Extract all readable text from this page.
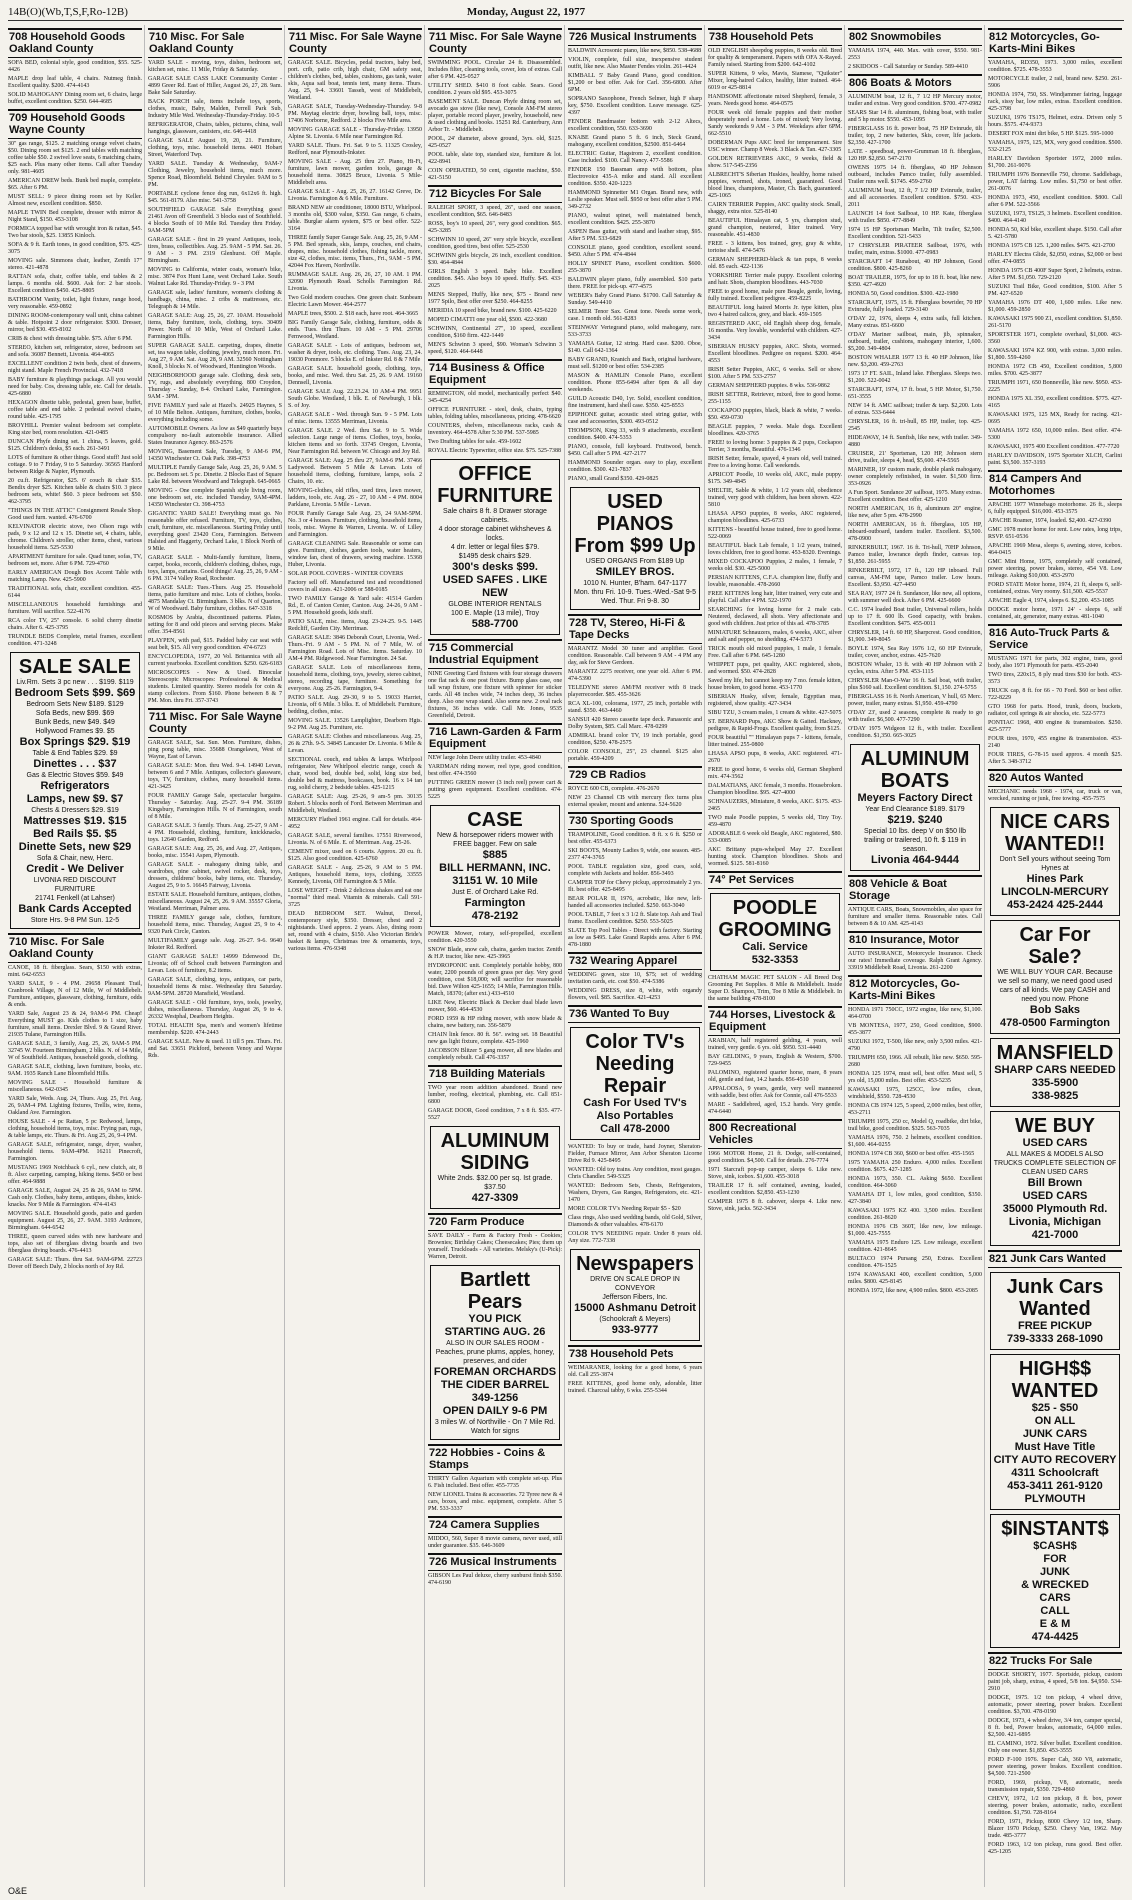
14B(O)(Wb,T,S,F,Ro-12B)	Monday, August 22, 1977
708 Household Goods Oakland County

SOFA BED, colonial style, good condition, $55. 525-4426

MAPLE drop leaf table, 4 chairs. Nutmeg finish. Excellent quality. $200. 474-4143

SOLID MAHOGANY Dining room set, 6 chairs, large buffet, excellent condition. $250. 644-4685

709 Household Goods Wayne County

30" gas range, $125. 2 matching orange velvet chairs, $50. Dining room set $125. 2 end tables with matching coffee table $50. 2 swivel love seats, 6 matching chairs, $25 each. Plus many other items. Call after Tuesday only. 981-4605

AMERICAN DREW beds. Bunk bed maple, complete. $65. After 6 PM.

MUST SELL: 9 piece dining room set by Keller. Almost new, excellent condition. $850.

MAPLE TWIN Bed complete, dresser with mirror & Night Stand, $150. 453-3108

FORMICA topped bar with wrought iron & rattan, $45. Two bar stools, $25. 13855 Kinloch.

SOFA & 9 ft. Earth tones, in good condition, $75. 425-3075

MOVING sale. Simmons chair, leather, Zenith 17" stereo. 421-4878

RATTAN sofa, chair, coffee table, end tables & 2 lamps. 6 months old. $600. Ask for: 2 bar stools. Excellent condition $450. 425-8805

BATHROOM Vanity, toilet, light fixture, range hood, very reasonable. 459-0892

DINING ROOM-contemporary wall unit, china cabinet & table. Hotpoint 2 door refrigerator. $300. Dresser, mirror, bed $30. 455-8102

CRIB & chest with dressing table. $75. After 6 PM.

STEREO, kitchen set, refrigerator, stove, bedroom set and sofa. 36087 Bennett, Livonia. 464-4065

EXCELLENT condition 2 twin beds, chest of drawers, night stand. Maple French Provincial. 432-7418

BABY furniture & playthings package. All you would need for baby. Cos, dressing table, etc. Call for details. 425-6880

HEXAGON dinette table, pedestal, green base, buffet, coffee table and end table. 2 pedestal swivel chairs, round table. 425-1795

BROYHILL Premier walnut bedroom set complete. King size bed, room resolution. 421-0485

DUNCAN Phyfe dining set. 1 china, 5 leaves, gold. $125. Children's desks, $5 each. 261-3491

LOTS of furniture & other things. Good stuff! Just sold cottage. 9 to 7 Friday, 9 to 5 Saturday. 36565 Hanford between Ridge & Napier, Plymouth.

20 cu.ft. Refrigerator, $25. 6' couch & chair $35. Bendix dryer $25. Kitchen table & chairs $10. 3 piece bedroom sets, white! $60. 3 piece bedroom set $50. 462-3795

"THINGS IN THE ATTIC" Consignment Resale Shop. Good used furn. wanted. 476-6700

KELVINATOR electric stove, two Olson rugs with pads, 9 x 12 and 12 x 15. Dinette set, 4 chairs, table, chrome. Children's stroller, other items, chest, various household items. 525-5530

APARTMENT furniture for sale. Quad tuner, sofas, TV, bedroom set, more. After 6 PM. 729-4760

EARLY AMERICAN Dough Box Accent Table with matching Lamp. New. 425-5900

TRADITIONAL sofa, chair, excellent condition. 455-6144

MISCELLANEOUS household furnishings and furniture. Will sacrifice. 522-4176

RCA color TV, 25" console. 6 solid cherry dinette chairs. After 6. 425-3795

TRUNDLE BEDS Complete, metal frames, excellent condition. 471-3248

SALE SALE
Liv.Rm. Sets 3 pc new . . . $199. $119
Bedroom Sets $99. $69
Bedroom Sets New $189. $129
Sofa Beds, new $99. $69
Bunk Beds, new $49. $49
Hollywood Frames $9. $5
Box Springs $29. $19
Table & End Tables $29. $9
Dinettes . . . $37
Gas & Electric Stoves $59. $49
Refrigerators
Lamps, new $9. $7
Chests & Dressers $29. $19
Mattresses $19. $15
Bed Rails $5. $5
Dinette Sets, new $29
Sofa & Chair, new, Herc.
Credit - We Deliver
LIVONIA RED DISCOUNT FURNITURE
21741 Fenkell (at Lahser)
Bank Cards Accepted
Store Hrs. 9-8 PM Sun. 12-5
710 Misc. For Sale Oakland County

CANOE, 18 ft. fiberglass. Sears, $150 with extras, mint. 642-6553

YARD SALE, 9 - 4 PM. 29658 Pleasant Trail, Cranbrook Village, N of 12 Mile, W of Middlebelt. Furniture, antiques, glassware, clothing, furniture, odds & ends.

YARD Sale, August 23 & 24, 9AM-6 PM. Cheap! Everything MUST go. Kids clothes to 1 size, baby furniture, small items. Drexler Blvd. 9 & Grand River. 21935 Tulane, Farmington Hills.

GARAGE SALE, 3 family, Aug. 25, 26, 9AM-5 PM. 32745 W. Fourteen Birmingham, 2 blks. N. of 14 Mile, W of Southfield. Antiques, household goods, clothing.

GARAGE SALE, clothing, lawn furniture, books, etc. 9AM. 1935 Ranch Lane Bloomfield Hills.

MOVING SALE - Household furniture & miscellaneous. 642-0345

YARD Sale, Weds. Aug. 24, Thurs. Aug. 25, Fri. Aug. 26, 9AM-4 PM. Lighting fixtures, Trellis, wire, items, Oakland Ave. Farmington.

HOUSE SALE - 4 pc Rattan, 5 pc Redwood, lamps, clothing, household items, toys, misc. Frying pan, rugs, & table lamps, etc. Thurs. & Fri. Aug 25, 26, 9-4 PM.

GARAGE SALE, refrigerator, range, dryer, washer, household items. 9AM-4PM. 16211 Pinecroft, Farmington.

MUSTANG 1969 Notchback 6 cyl., new clutch, air, 8 ft. Also: carpeting, camping, hiking items. $450 or best offer. 464-9888

GARAGE SALE, August 24, 25 & 26, 9AM to 5PM. Cash only. Clothes, baby items, antiques, dishes, knick-knacks. Nor 9 Mile & Farmington. 474-4143

MOVING SALE. Household goods, patio and garden equipment. August 25, 26, 27. 9AM. 3193 Ardmore, Birmingham. 644-6542

THREE, queen curved sides with new hardware and tops, also set of fiberglass diving boards and two fiberglass diving boards. 476-4413

GARAGE SALE: Thurs. thru Sat. 9AM-6PM. 22723 Dover off Beech Daly, 2 blocks north of Joy Rd.

710 Misc. For Sale Oakland County

YARD SALE - moving, toys, dishes, bedroom set, kitchen set, misc. 11 Mile, Friday & Saturday.

GARAGE SALE CASS LAKE Community Center - 4899 Greer Rd. East of Hiller, August 26, 27, 28. 9am. Bake Sale Saturday.

BACK PORCH sale, items include toys, sports, clothes, music, Baby, Malden, Ferrell Park Sub, Industry Mile Wed. Wednesday-Thursday-Friday. 10-5

REFRIGERATOR, Chairs, tables, pictures, china, wall hangings, glassware, canisters, etc. 646-4418

GARAGE SALE August 19, 20, 21. Furniture, clothing, toys, misc. household items. 4401 Hobart Street, Waterford Twp.

YARD SALE. Tuesday & Wednesday, 9AM-? Clothing, Jewelry, household items, much more. Spence Road, Bloomfield. Behind Chrysler. 9AM to 5 PM.

PORTABLE cyclone fence dog run, 6x12x6 ft. high. $45. 561-8179. Also misc. 541-3758

SOUTHFIELD GARAGE Sale Everything goes! 21461 Avon off Greenfield. 3 blocks east of Southfield. 4 blocks South of 10 Mile Rd. Tuesday thru Friday. 9AM-5PM

GARAGE SALE - first in 29 years! Antiques, tools, tires, brass, collectibles. Aug. 25. 9AM - 5 PM. Sat. 26. 9 AM - 3 PM. 2319 Glenhurst. Off Maple. Birmingham.

MOVING to California, winter coats, woman's bike, misc. 3874 Fox Hunt Lane, west Orchard Lake. South Walnut Lake Rd. Thursday-Friday. 9 - 3 PM

GARAGE sale, ladies' furniture, women's clothing & handbags, china, misc. 2 cribs & mattresses, etc. Telegraph & 14 Mile.

GARAGE SALE: Aug. 25, 26, 27. 10AM. Household items, Baby furniture, tools, clothing, toys. 30409 Power. North of 10 Mile, West of Orchard Lake. Farmington Hills.

SUPER GARAGE SALE. carpeting, drapes, dinette set, tea wagon table, clothing, jewelry, much more. Fri. Aug 27, 9 AM. Sat. Aug 28, 9 AM. 32560 Nottingham Knoll, 3 blocks N. of Woodward, Huntington Woods.

NEIGHBORHOOD garage sale. Clothing, desk sets, TV, rugs, and absolutely everything. 800 Croydon, Thursday - Sunday, 8-4. Orchard Lake, Farmington. 9AM - 3PM.

FIVE FAMILY yard sale at Hazel's. 24925 Haynes, S of 10 Mile Belton. Antiques, furniture, clothes, books, everything including some.

AUTOMOBILE Owners. As low as $49 quarterly buys compulsory no-fault automobile insurance. Allied States Insurance Agency. 863-2576

MOVING, Basement Sale, Tuesday, 9 AM-6 PM, 14350 Winchester Ct. Oak Park. 398-4753

MULTIPLE Family Garage Sale, Aug. 25, 26, 9 AM. 5 pc. Bedroom set. 5 pc. Dinette. 2 Blocks East of Square Lake Rd. between Woodward and Telegraph. 645-0665

MOVING - One complete Spanish style living room, one bedroom set, etc. included Tuesday, 9AM-4PM. 14350 Winchester Ct. 398-4753

GIGANTIC YARD SALE! Everything must go. No reasonable offer refused. Furniture, TV, toys, clothes, craft, furniture, etc. miscellaneous. Starting Friday until everything goes! 23420 Cora, Farmington. Between Halsted and Haggerty, Orchard Lake, 1 Block North of 9 Mile.

GARAGE SALE - Multi-family furniture, linens, carpet, books, records, children's clothing, dishes, rugs, toys, lamps, curtains. Good things! Aug. 25, 26, 9 AM - 6 PM. 3174 Valley Road, Rochester.

GARAGE SALE: Tues.-Thurs. Aug 25. Household items, patio furniture and misc. Lots of clothes, books. 4875 Mandalay Ct. Birmingham. 3 blks. N of Quarton, W of Woodward. Baby furniture, clothes. 647-3318

KOSMOS by Arabia, discontinued patterns. Plates, setting for 8 and odd pieces and serving pieces. Make offer. 354-8561

PLAYPEN, with pad, $15. Padded baby car seat with seat belt, $15. All very good condition. 474-6723

ENCYCLOPEDIA, 1977, 20 Vol. Britannica with all current yearbooks. Excellent condition. $250. 626-6183

MICROSCOPES - New & Used. Binocular Stereoscopic Microscopes: Professional & Medical students. Limited quantity. Stereo models for coin & stamp collectors. From $160. Phone between 8 & 7 PM. Mon. thru Fri. 357-3743

711 Misc. For Sale Wayne County

GARAGE SALE, Sat. Sun. Mon. Furniture, dishes, ping pong table, misc. 35688 Orangelawn, West of Wayne, East of Levan.

GARAGE SALE: Mon. thru Wed. 9-4. 14940 Levan, between 6 and 7 Mile. Antiques, collector's glassware, toys, TV, furniture, clothes, many household items. 421-3425

FOUR FAMILY Garage Sale, spectacular bargains. Thursday - Saturday. Aug. 25-27. 9-4 PM. 36189 Kingsbury, Farmington Hills. N of Farmington, south of 8 Mile.

GARAGE SALE. 3 family. Thurs. Aug. 25-27, 9 AM - 4 PM. Household, clothing, furniture, knickknacks, toys. 12640 Garden, Redford.

GARAGE SALE: Aug. 25, 26, and Aug. 27, Antiques, books, misc. 15541 Aspen, Plymouth.

GARAGE SALE - mahogany dining table, and wardrobes, pine cabinet, swivel rocker, desk, toys, dressers, childrens' books, baby items, etc. Thursday, August 25, 9 to 5. 16645 Fairway, Livonia.

ESTATE SALE. Household furniture, antiques, clothes, miscellaneous. August 24, 25, 26. 9 AM. 35557 Gloria, Westland. Merriman, Palmer area.

THREE FAMILY garage sale, clothes, furniture, household items, misc. Thursday, August 25, 9 to 4. 9320 Park Circle, Canton.

MULTIFAMILY garage sale. Aug. 26-27. 9-6. 9640 Inkster Rd. Redford.

GIANT GARAGE SALE! 14999 Edenwood Dr., Livonia; off of School craft between Farmington and Levan. Lots of furniture, 8.2 items.

GARAGE SALE, clothing, toys, antiques, car parts, household items & misc. Wednesday thru Saturday. 9AM-5PM. 28720 Mansfield, Westland.

GARAGE SALE - Old furniture, toys, tools, jewelry, dishes, miscellaneous. Thursday, August 26, 9 to 4. 26332 Westphal, Dearborn Heights.

TOTAL HEALTH Spa, men's and women's lifetime membership. $220. 474-2443

GARAGE SALE. New & used. 11 till 5 pm. Thurs. Fri. and Sat. 33651 Pickford, between Venoy and Wayne Rds.

711 Misc. For Sale Wayne County

GARAGE SALE. Bicycles, pedal tractors, baby bed, port. crib, patio crib, high chair, GM safety seat, children's clothes, bed, tables, cushions, gas tank, water skis, Aqua sail boat, tennis tent, many items. Thurs. Aug. 25, 9-4. 33601 Tasseh, west of Middlebelt, Westland.

GARAGE SALE, Tuesday-Wednesday-Thursday. 9-8 PM. Maytag electric dryer, bowling ball, toys, misc. 17406 Norborne, Redford. 2 blocks Five Mile area.

MOVING GARAGE SALE - Thursday-Friday. 13950 Alpine St. Livonia. 6 Mile near Farmington Rd.

YARD SALE. Thurs. Fri. Sat. 9 to 5. 11325 Crosley, Redford, near Plymouth-Inkster.

MOVING SALE - Aug. 25 thru 27. Piano, Hi-Fi, furniture, lawn mower, garden tools, garage & household items. 30825 Bruce, Livonia. 5 Mile-Middlebelt area.

GARAGE SALE - Aug. 25, 26, 27. 16142 Greve, Dr. Livonia. Farmington & 6 Mile. Furniture.

BRAND NEW air conditioner, 18000 BTU, Whirlpool. 3 months old, $300 value, $350. Gas range, 6 chairs, table. Burglar alarm system, $75 or best offer. 522-3164

THREE family Super Garage Sale. Aug. 25, 26, 9 AM - 5 PM. Bed spreads, skis, lamps, couches, end chairs, drapes, misc. household clothes, fishing tackle, more, size 42, clothes, misc. items, Thurs., Fri., 9AM - 5 PM. 42044 Fox Haven, Northville.

RUMMAGE SALE. Aug. 26, 26, 27, 10 AM. 1 PM. 32090 Plymouth Road. Scholls Farmington Rd. Livonia.

Two Gold modern couches. One green chair. Sunbeam Electric Lawn Mower. 464-2577

MAPLE trees, $500. 2. $18 each, have root. 464-3665

BIG Family Garage Sale, clothing, furniture, odds & ends. Tues. thru Thurs. 10 AM - 5 PM. 29706 Fernwood, Westland.

GARAGE SALE - Lots of antiques, bedroom set, washer & dryer, tools, etc. clothing. Tues. Aug. 23, 24. 19030 Pommore. 5 blocks E. of Inkster Rd. 8 & 7 Mile

GARAGE SALE. household goods, clothing, toys, books, and misc. Wed. thru Sat. 25, 26. 9 AM. 19160 Dennsell, Livonia.

GARAGE SALE Aug. 22.23.24. 10 AM-4 PM. 9951 South Globe. Westland, 1 blk. E. of Newburgh, 1 blk. S. of Joy.

GARAGE SALE - Wed. through Sun. 9 - 5 PM. Lots of misc. items. 13555 Merriman, Livonia.

GARAGE SALE. 2 Wed. thru Sat. 9 to 5. Wide selection. Large range of items. Clothes, toys, books, kitchen items and so forth. 33745 Oregon, Livonia, Near Farmington Rd. between W. Chicago and Joy Rd.

GARAGE SALE: Aug. 25 thru 27, 9AM-6 PM. 37466 Ladywood. Between 5 Mile & Levan. Lots of household items, clothing, furniture, lamps, sofa. 2 Chairs, 10. etc.

MOVING-clothes, old rifles, used tires, lawn mower, ladders, tools, etc. Aug. 26 - 27, 10 AM - 4 PM. 8004 Parklane, Livonia. 5 Mile - Levan.

FOUR Family Garage Sale Aug. 23, 24 9AM-5PM. No. 3 or 4 houses. Furniture, clothing, household items, tools, misc. Wayne & Warren, Livonia. W. of Lilley and Farmington.

GARAGE CLEANING Sale. Reasonable or some can give. Furniture, clothes, garden tools, water heaters, window fan, chest of drawers, sewing machine. 15368 Huber, Livonia.

SOLAR POOL COVERS - WINTER COVERS

Factory sell off. Manufactured test and reconditioned covers in all sizes. 421-2006 or 588-0185

TWO FAMILY Garage & Yard sale: 41514 Garden Rd., E. of Canton Center, Canton. Aug. 24-26, 9 AM - 5 PM. Household goods, kids stuff.

PATIO SALE, misc. items, Aug. 23-24-25. 9-5. 1445 Redcliff, Garden City. Merriman.

GARAGE SALE: 3846 Deborah Court, Livonia, Wed.-Thurs.-Fri. 9 AM - 5 PM. N. of 7 Mile, W. of Farmington Road. Lots of Misc. items. Saturday. 10 AM-4 PM. Ridgewood. Near Farmington. 24 Sat.

GARAGE SALE. Lots of miscellaneous items, household items, clothing, toys, jewelry, stereo cabinet, stereo, recording tape, furniture. Something for everyone. Aug. 25-26. Farmington, 9-4.

PATIO SALE. Aug. 29-30, 9 to 5. 19033 Harriet, Livonia, off 6 Mile. 3 blks. E. of Middlebelt. Furniture, bedding, clothes, misc.

MOVING SALE. 13526 Lamplighter, Dearborn Hgts. 9-2 PM. Aug 25. Furniture, etc.

GARAGE SALE: Clothes and miscellaneous. Aug. 25, 26 & 27th. 9-5. 34845 Lancaster Dr. Livonia. 6 Mile & Levan.

SECTIONAL couch, end tables & lamps. Whirlpool refrigerator, New Whirlpool electric range, couch & chair, wood bed, double bed, solid, king size bed, double bed & mattress, bookcases, book. 16 x 14 tan rug, solid cherry, 2 bedside tables. 425-1215

GARAGE SALE: Aug. 25-26, 9 am-5 pm. 30135 Robert. 5 blocks north of Ford. Between Merriman and Middlebelt, Westland.

MERCURY Flatbed 1961 engine. Call for details. 464-4952

GARAGE SALE, several families. 17551 Riverwood, Livonia. N. of 6 Mile. E. of Merriman. Aug. 25-26.

CEMENT mixer, used on 6 courts. Approx. 20 cu. ft. $125. Also good condition. 425-6760

GARAGE SALE - Aug. 25-26, 9 AM to 5 PM. Antiques, household items, toys, clothing, 33555 Kennedy, Livonia, Off Farmington & 5 Mile.

LOSE WEIGHT - Drink 2 delicious shakes and eat one "normal" third meal. Vitamin & minerals. Call 591-3725

DEAD BEDROOM SET. Walnut, Drexel, contemporary style, $350. Dresser, chest and 2 nightstands. Used approx. 2 years. Also, dining room set, round with 4 chairs, $150. Also Victorian Bride's basket & lamps, Christmas tree & ornaments, toys, various items. 476-9348

711 Misc. For Sale Wayne County

SWIMMING POOL. Circular 24 ft. Disassembled. Includes filter, cleaning tools, cover, lots of extras. Call after 6 PM. 425-0527

UTILITY SHED. $410 8 foot cable. Sears. Good condition. 2 years old $95. 453-3075

BASEMENT SALE. Duncan Phyfe dining room set, avocado gas stove (like new), Console AM-FM stereo player, portable record player, jewelry, household, new & used clothing and books. 15251 Rd. Canterbury, Ann Arbor Tr. - Middlebelt.

POOL, 24' diameter, above ground, 3yrs. old, $125. 425-0527

POOL table, slate top, standard size, furniture & lot. 422-8941

COIN OPERATED, 50 cent, cigarette machine, $50. 421-5150

712 Bicycles For Sale

RALEIGH SPORT, 3 speed, 26", used one season, excellent condition, $65. 646-8483

ROSS, boy's 10 speed, 26", very good condition. $65. 425-3285

SCHWINN 10 speed, 26" very style bicycle, excellent condition, good tires, best offer. 525-2530

SCHWINN girls bicycle, 26 inch, excellent condition. $30. 464-4844

GIRLS English 3 speed. Baby bike. Excellent condition. $45. Also boys 10 speed. Huffy. $45. 433-2025

MENS Stepped, Huffy, like new, $75 - Brand new 1977 Spilo, Best offer over $250. 464-8255

MERIDIA 10 speed bike, brand new. $100. 425-6220

MOPED CIMATTI one year old, $500. 422-3680

SCHWINN, Continental 27", 10 speed, excellent condition, $160 firm. 422-1449

MEN'S Schwinn 3 speed, $90. Woman's Schwinn 3 speed, $120. 464-6448

714 Business & Office Equipment

REMINGTON, old model, mechanically perfect $40. 345-4254

OFFICE FURNITURE - steel, desk, chairs, typing tables, folding tables, miscellaneous, pricing. 478-6620

COUNTERS, shelves, miscellaneous racks, cash & inventory. 464-4578 After 5:30 PM. 537-5985

Two Drafting tables for sale. 459-1602

ROYAL Electric Typewriter, office size. $75. 525-7388

OFFICE FURNITURE
Sale chairs 8 ft. 8 Drawer storage cabinets.
4 door storage cabinet wkhsheves & locks.
4 drr. letter or legal files $79.
$1495 desk chairs $29.
300's desks $99.
USED SAFES . LIKE NEW
GLOBE INTERIOR RENTALS
100 E. Maple (13 mile), Troy
588-7700
715 Commercial Industrial Equipment

NINE Greeting Card fixtures with four storage drawers one flat rack & one post fixture. Bump glass case, one tall wrap fixture, one fixture with spinner for sticker cards. All 48 inches wide, 74 inches deep, 36 inches deep. Also one wrap stand. Also some new. 2 oval rack fixtures, 36 inches wide. Call Mr. Jones, 9535 Greenfield, Detroit.

716 Lawn-Garden & Farm Equipment

NEW large John Deere utility trailer. 453-4840

YARDMAN riding mower, reel type, good condition, best offer. 474-3560

PUTTING GREEN mower (3 inch reel) power cart & putting green equipment. Excellent condition. 474-5225

CASE
New & horsepower riders mower with FREE bagger. Few on sale
$885
BILL HERMANN, INC.
31151 W. 10 Mile
Just E. of Orchard Lake Rd.
Farmington
478-2192

POWER Mower, rotary, self-propelled, excellent condition. 420-3550

SNOW Blade, snow cab, chains, garden tractor. Zenith & H.P. tractor, like new. 425-3965

HYDROPONIC unit. Completely portable hobby, 800 water, 2200 pounds of green grass per day. Very good condition, cost $18,000; will sacrifice for reasonable bid. Dave Wilton 425-1655; 14 Mile, Farmington Hills. Match, 18370; (after ext.) 433-4510

LIKE New, Electric Black & Decker dual blade lawn mower, $60. 464-4530

FORD 1959 & HP riding mower, with snow blade & chains, new battery, ran. 356-5879

CHAIN link fence. 80 ft. 56". swing set. 18 Beautiful new gas light fixture, complete. 425-1960

JACOBSON Blitzer 5 gang mower, all new blades and completely rebuilt. Call 476-3357

718 Building Materials

TWO year room addition abandoned. Brand new lumber, roofing, electrical, plumbing, etc. Call 851-6800

GARAGE DOOR, Good condition, 7 x 8 ft. $35. 477-5527

ALUMINUM SIDING
White 2nds. $32.00 per sq. Ist grade. $37.50
427-3309
720 Farm Produce

SAVE DAILY - Farm & Factory Fresh - Cookies; Brownies; Birthday Cakes; Cheesecakes; Pies; them up yourself. Truckloads - All varieties. Melsky's (U-Pick): Warren, Detroit.

Bartlett Pears
YOU PICK
STARTING AUG. 26
ALSO IN OUR SALES ROOM - Peaches, prune plums, apples, honey, preserves, and cider
FOREMAN ORCHARDS
THE CIDER BARREL
349-1256
OPEN DAILY 9-6 PM
3 miles W. of Northville - On 7 Mile Rd. Watch for signs
722 Hobbies - Coins & Stamps

THIRTY Gallon Aquarium with complete set-up. Plus 6. Fish included. Best offer. 455-7735

NEW LIONEL Trains & accessories. 72 Tyree new & 4 cars, boxes, and misc. equipment, complete. After 5 PM. 533-3337

724 Camera Supplies

MIDDO, 560, Super 8 movie camera, never used, still under guarantee. $35. 646-3609

726 Musical Instruments

GIBSON Les Paul deluxe, cherry sunburst finish $350. 474-6190

726 Musical Instruments

BALDWIN Acrosonic piano, like new, $850. 538-4688

VIOLIN, complete, full size, inexpensive student outfit, like new. Also Master Fendes violin. 261-4424

KIMBALL 5' Baby Grand Piano, good condition. $1,200 or best offer. Ask for Carl. 356-6800. After 6PM.

SOPRANO Saxophone, French Selmer, high F sharp key, $750. Excellent condition. Leave message. 625-4397

FENDER Bandmaster bottom with 2-12 Altecs, excellent condition, 550. 633-3690

KNABE Grand piano 5 ft. 6 inch, Steck Grand, mahogany, excellent condition, $2500. 851-6464

ELECTRIC Guitar, Hagstrom 2, excellent condition. Case included. $100. Call Nancy. 477-5586

FENDER 150 Bassman amp with bottom, plus Electrovoice 435-A mike and stand. All excellent condition. $350. 420-1223

HAMMOND Spinnetter M1 Organ. Brand new, with Leslie speaker. Must sell. $950 or best offer after 5 PM. 349-2732

PIANO, walnut spinet, well maintained bench, excellent condition. $425. 255-3870

ASPEN Bass guitar, with stand and leather strap, $95. After 5 PM. 533-6829

CONSOLE piano, good condition, excellent sound. $450. After 5 PM. 474-4844

HOLLY SPINET Piano, excellent condition. $600. 255-3870

BALDWIN player piano, fully assembled. $10 parts there. FREE for pick-up. 477-4575

WEBER's Baby Grand Piano. $1700. Call Saturday & Sunday. 549-4410

SELMER Tenor Sax. Great tone. Needs some work, case. 1 month old. 561-8283

STEINWAY Vertegrand piano, solid mahogany, rare. 533-3733

YAMAHA Guitar, 12 string. Hard case. $200. Oboe, $140. Call 642-1364

BABY GRAND, Kranich and Bach, original hardware, must sell. $1200 or best offer. 534-2385

MASON & HAMLIN Console Piano, excellent condition. Phone 855-6494 after 6pm & all day weekends.

GUILD Acoustic D40, 1yr. Solid, excellent condition, fine instrument, hard shell case. $350. 425-8553

EPIPHONE guitar, acoustic steel string guitar, with case and accessories, $300. 493-0512

THOMPSON, King 33, with 9 attachments, excellent condition. $400. 474-5353

PIANO, console, full keyboard. Fruitwood, bench. $450. Call after 5 PM. 427-2177

HAMMOND Sounder organ. easy to play, excellent condition. $300. 421-7837

PIANO, small Grand $350. 429-0825

USED PIANOS From $99 Up
USED ORGANS From $189 Up
SMILEY BROS.
1010 N. Hunter, B'ham. 647-1177
Mon. thru Fri. 10-9. Tues.-Wed.-Sat 9-5
Wed. Thur. Fri 9-8. 30
728 TV, Stereo, Hi-Fi & Tape Decks

MARANTZ Model 30 tuner and amplifier. Good condition. Reasonable. Call between 9 AM - 4 PM any day, ask for Steve Gerdeen.

MARANTZ 2275 receiver, one year old. After 6 PM. 474-5390

TELEDYNE stereo AM/FM receiver with 8 track playerrecorder. $85. 455-3626

RCA XL-100, colorama, 1977, 25 inch, portable with stand. $350. 463-4460

SANSUI 420 Stereo cassette tape deck. Panasonic and Dolby System, $85. Call Marc. 478-0299

ADMIRAL brand color TV, 19 inch portable, good condition, $250. 478-2575

COLOR CONSOLE, 25", 23 channel. $125 also portable. 459-4209

729 CB Radios

ROYCE 600 CB, complete. 476-2670

NEW 23 Channel CB with mercury flex turns plus external speaker, mount and antenna. 524-5620

730 Sporting Goods

TRAMPOLINE, Good condition. 8 ft. x 6 ft. $250 or best offer. 455-6373

SKI BOOTS, Mounty Ladies 9, wide, one season. 485-2377 474-3765

POOL TABLE regulation size, good cues, sold, complete with Jackets and holder. 856-3493

CAMPER TOP for Chevy pickup, approximately 2 yrs. Ilt. best offer. 425-8495

BEAR POLAR II, 1976, acrobatic, like new, left-handed all accessories included. $250. 663-3040

POOL TABLE, 7 feet x 3 1/2 ft. Slate top. Ash and Teal frame. Excellent condition. $250. 553-5025

SLATE Top Pool Tables - Direct with factory. Starting as low as $495. Lake Grand Rapids area. After 6 PM. 478-1880

732 Wearing Apparel

WEDDING gown, size 10, $75; set of wedding invitation cards, etc. cost $50. 474-5386

WEDDING DRESS, size 8, white, with organdy flowers, veil. $85. Sacrifice. 421-4253

736 Wanted To Buy
Color TV's Needing Repair
Cash For Used TV's
Also Portables
Call 478-2000

WANTED: To buy or trade, hand Joyner, Sheraton-Fielder, Furnace Mirror, Ann Arbor Sheraton Licorne Drive Rd 9. 425-8495

WANTED: Old toy trains. Any condition, most gauges. Chris Chandler. 549-5325

WANTED: Bedroom Sets, Chests, Refrigerators, Washers, Dryers, Gas Ranges, Refrigerators, etc. 421-1470

MORE COLOR TV's Needing Repair $5 - $20

Class rings, Also used wedding bands, old Gold, Silver, Diamonds & other valuables. 478-6170

COLOR TV'S NEEDING repair. Under 8 years old. Any size. 772-7338

Newspapers
DRIVE ON SCALE DROP IN CONVEYOR
Jefferson Fibers, Inc.
15000 Ashmanu Detroit
(Schoolcraft & Meyers)
933-9777
738 Household Pets

WEIMARANER, looking for a good home, 6 years old. Call 255-3874

FREE KITTENS, good home only, adorable, litter trained. Charcoal tabby, 6 wks. 255-5344

738 Household Pets

OLD ENGLISH sheepdog puppies, 8 weeks old. Bred for quality & temperament. Papers with OFA X-Rayed. Family raised. Starting from $200. 642-4102

SUPER Kittens, 9 wks, Mavis, Siamese, "Quikster" Mixer, long-haired Calico, healthy, litter trained. 464-6019 or 425-8814

HANDSOME affectionate mixed Shepherd, female, 3 years. Needs good home. 464-0575

FOUR week old female puppies and their mother desperately need a home. Lots of mixed; Very loving. Sandy weekends 9 AM - 3 PM. Weekdays after 6PM. 662-5510

DOBERMAN Pups AKC bred for temperament. Sire USC winner. Champ 8 Week. 3 Black & Tan. 427-3305

GOLDEN RETRIEVERS AKC, 9 weeks, field & show. 517-545-2356

ALBRECHT'S Siberian Huskies, healthy, home raised puppies, wormed, shots, ironed, guaranteed. Good blood lines, champions, Master, Ch. Bach, guaranteed. 425-1065

CAIRN TERRIER Puppies, AKC quality stock. Small, shaggy, extra nice. 525-8140

BEAUTIFUL Himalayan cat, 5 yrs, champion stud, grand champion, neutered, litter trained. Very reasonable. 451-4830

FREE - 3 kittens, box trained, grey, gray & white, tortoise shell. 474-5476

GERMAN SHEPHERD-black & tan pups, 8 weeks old. 85 each. 422-1136

YORKSHIRE Terrier male puppy. Excellent coloring and hair. Shots, champion bloodlines. 443-7030

FREE to good home, male pure Beagle, gentle, loving, fully trained. Excellent pedigree. 459-8225

BEAUTIFUL long haired Morris Jr. type kitten, plus two 4 haired calicos, grey, and black. 459-1505

REGISTERED AKC, old English sheep dog, female, 16 months. Very lovable, wonderful with children. 427-3434

SIBERIAN HUSKY puppies, AKC. Shots, wormed. Excellent bloodlines. Pedigree on request. $200. 464-4553

IRISH Setter Puppies, AKC, 6 weeks. Sell or show. $100. After 5 PM. 533-2757

GERMAN SHEPHERD puppies. 8 wks. 536-9862

IRISH SETTER, Retriever, mixed, free to good home. 255-1155

COCKAPOO puppies, black, black & white, 7 weeks. $50. 459-0730

BEAGLE puppies, 7 weeks. Male dogs. Excellent bloodlines. 420-3765

FREE! to loving home: 3 puppies & 2 pups, Cockapoo Terrier, 3 months, Beautiful. 476-1346

IRISH Setter, female, spayed, 4 years old, well trained. Free to a loving home. Call weekends.

APRICOT Poodle, 10 weeks old, AKC, male puppy. $175. 349-4845

SHELTIE, Sable & white, 1 1/2 years old, obedience trained, very good with children, has been shown. 422-5810

LHASA APSO puppies, 8 weeks, AKC registered, champion bloodlines. 425-6733

KITTENS - beautiful house trained, free to good home. 522-0069

BEAUTIFUL black Lab female, 1 1/2 years, trained, loves children, free to good home. 453-8320. Evenings.

MIXED COCKAPOO Puppies, 2 males, 1 female, 7 weeks old. $30. 425-5000

PERSIAN KITTENS, C.F.A. champion line, fluffy and lovable, reasonable. 478-2660

FREE KITTENS long hair, litter trained, very cute and playful. Call after 4 PM. 522-1970

SEARCHING for loving home for 2 male cats. Neutered, declawed, all shots. Very affectionate and good with children. Just price of this ad. 478-3785

MINIATURE Schnauzers, males, 6 weeks, AKC, silver and salt and pepper, no shedding. 474-5373

TRICK mouth old mixed puppies, 1 male, 1 female. Free. Call after 6 PM. 645-1280

WHIPPET pups, pet quality, AKC registered, shots, and wormed. $50. 474-2828

Saved my life, but cannot keep my 7 mo. female kitten, house broken, to good home. 453-1770

SIBERIAN Husky, silver, female, Egyptian mau, registered, show quality. 427-3434

SIBU TZU, 3 cream males, 1 cream & white. 427-5075

ST. BERNARD Pups, AKC Show & Gaited. Hackney, pedigree, & Rapid-Frogs. Excellent quality, from $125.

FOUR beautiful "" Himalayan pups 7 - kittens, female, litter trained. 255-0800

LHASA APSO pups, 8 weeks, AKC registered. 471-2670

FREE to good home, 6 weeks old, German Shepherd mix. 474-3562

DALMATIANS, AKC female, 3 months. Housebroken. Champion bloodline. $95. 427-4000

SCHNAUZERS, Miniature, 8 weeks, AKC. $175. 453-2465

TWO male Poodle puppies, 5 weeks old, Tiny Toy. 459-4870

ADORABLE 6 week old Beagle, AKC registered, $80. 533-0085

AKC Brittany pups-whelped May 27. Excellent hunting stock. Champion bloodlines. Shots and wormed. $125. 581-8160

74° Pet Services
POODLE GROOMING
Cali. Service
532-3353

CHATHAM MAGIC PET SALON - All Breed Dog Grooming Pet Supplies. 8 Mile & Middlebelt. Inside Super D. Shampoo, Trim, Toe 8 Mile & Middlebelt. In the same building 478-8100

744 Horses, Livestock & Equipment

ARABIAN, half registered gelding, 4 years, well trained, very gentle. 6 yrs. old. $950. 531-4440

BAY GELDING, 9 years, English & Western, $700. 729-9455

PALOMINO, registered quarter horse, mare, 8 years old, gentle and fast, 14.2 hands. 856-4510

APPALOOSA, 9 years, gentle, very well mannered with saddle, best offer. Ask for Connie, call 476-5533

MARE - Saddlebred, aged, 15.2 hands. Very gentle. 474-6440

800 Recreational Vehicles

1966 MOTOR Home, 21 ft. Dodge, self-contained, good condition. $4,500. Call for details. 276-7774

1971 Starcraft pop-up camper, sleeps 6. Like new. Stove, sink, icebox. $1,600. 455-3018

TRAILER 17 ft. self contained, awning, loaded, excellent condition. $2,850. 453-1230

CAMPER 1975 8 ft. cabover, sleeps 4. Like new. Stove, sink, jacks. 562-3434

802 Snowmobiles

YAMAHA 1974, 440. Max. with cover, $550. 981-2553

2 SKIDOOS - Call Saturday or Sunday. 589-4410

806 Boats & Motors

ALUMINUM boat, 12 ft., 7 1/2 HP Mercury motor, trailer and extras. Very good condition. $700. 477-0982

SEARS Star 14 ft. aluminum, fishing boat, with trailer and 5 hp motor. $550. 453-1095

FIBERGLASS 16 ft. power boat, 75 HP Evinrude, tilt trailer, top, 2 new batteries, Skis, cover, life jackets. $2,350. 427-1700

LATE - speedboat, power-Grumman 18 ft. fiberglass, 120 HP. $2,850. 547-2170

OWENS 1975 14 ft. fiberglass, 40 HP Johnson outboard, includes Pamco trailer, fully assembled. Trailer runs well. $1745. 459-2760

ALUMINUM boat, 12 ft, 7 1/2 HP Evinrude, trailer, and all accessories. Excellent condition. $750. 433-2011

LAUNCH 14 foot Sailboat, 10 HP. Kate, fiberglass with trailer. $850. 477-8849

1974 15 HP Sportsman Marlin, Tilt trailer, $2,500. Excellent condition. 521-5433

17 CHRYSLER PIRATEER Sailboat, 1976, with trailer, main, extras. $1000. 477-0983

STARCRAFT 14' Runabout, 40 HP Johnson, Good condition. $800. 425-8260

BOAT TRAILER, 1975, for up to 18 ft. boat, like new. $350. 427-4920

HONDA 50, Good condition. $300. 422-1980

STARCRAFT, 1975, 15 ft. Fiberglass bowrider, 70 HP Evinrude, fully loaded. 729-3140

O'DAY 22, 1976, sleeps 4, extra sails, full kitchen. Many extras. 851-6600

O'DAY Mariner sailboat, main, jib, spinnaker, outboard, trailer, cushions, mahogany interior, 1,600. $5,200. 349-4804

BOSTON WHALER 1977 13 ft. 40 HP Johnson, like new. $3,200. 459-2763

1973 17 FT. SAIL, Inland lake. Fiberglass. Sleeps two. $1,200. 522-0042

STARCRAFT, 1974, 17 ft. boat, 5 HP. Motor, $1,750. 651-3555

NEW 14 ft. AMC sailboat; trailer & tarp. $2,200. Lots of extras. 533-6444

CHRYSLER, 16 ft. tri-hull, 85 HP, trailer, top. 425-2545

HIDEAWAY, 14 ft. Sunfish, like new, with trailer. 349-4880

CRUISER, 21' Sportsman, 120 HP, Johnson stern drive, trailer, sleeps 4, head, $5,600. 474-5565

MARINER, 19' custom made, double plank mahogany, owner completely refinished, in water. $1,500 firm. 353-0926

A Fun Sport. Sundance 20' sailboat, 1975. Many extras. Excellent condition. Best offer. 425-1210

NORTH AMERICAN, 16 ft, aluminum 20" engine, like new, after 5 pm. 478-2990

NORTH AMERICAN, 16 ft. fiberglass, 105 HP, inboard-outboard, tandem trailer. Excellent. $3,500. 478-0900

RINKERBUILT, 1967. 16 ft. Tri-hull, 70HP Johnson, Pamco trailer, lowrance depth finder, canvas top. $1,850. 261-5955

RINKERBILT, 1972, 17 ft., 120 HP inboard. Full canvas, AM-FM tape, Pamco trailer. Low hours. Excellent. $3,950. 427-4450

SEA RAY, 1977 24 ft. Sundancer, like new, all options, with summer well dock. After 6 PM. 425-6600

C.C. 1974 loaded Boat trailer, Universal rollers, holds up to 17 ft. 600 lb. Good capacity, with brakes. Excellent condition. $475. 455-0011

CHRYSLER, 14 ft. 60 HP, Sharpcrest. Good condition, $1,900. 349-8045

BOYLE 1974, Sea Ray 1976 1/2, 60 HP Evinrude, trailer, cover, anchor, extras. 425-7620

BOSTON Whaler, 13 ft. with 40 HP Johnson with 2 cycles, extra. After 5 PM. 453-1115

CHRYSLER Man-O-War 16 ft. Sail boat, with trailer, plus $160 sail. Excellent condition. $1,150. 274-5755

FIBERGLASS 16 ft. North American, V hull, 65 Merc. power, trailer, many extras. $1,950. 459-4790

O'DAY 23', used 2 seasons, complete & ready to go with trailer. $6,500. 477-7290

O'DAY 1975 Widgeon 12 ft., with trailer. Excellent condition. $1,350. 665-3025

ALUMINUM BOATS
Meyers Factory Direct
Year End Clearance $189. $179
$219. $240
Special 10 lbs. deep V on $50 llb trailing or trailered, 10 ft. $ 119 in season.
Livonia 464-9444
808 Vehicle & Boat Storage

ANTIQUE CARS, Boats, Snowmobiles, also space for furniture and smaller items. Reasonable rates. Call between 8 & 10 AM. 425-4143

810 Insurance, Motor

AUTO INSURANCE, Motorcycle Insurance. Check our rates! Immediate coverage. Ralph Grant Agency. 33919 Middlebelt Road, Livonia. 261-2200

812 Motorcycles, Go-Karts-Mini Bikes

HONDA 1971 750CC, 1972 engine, like new, $1,100. 464-0700

VB MONTESA, 1977, 250, Good condition, $900. 455-3877

SUZUKI 1972, T-500, like new, only 3,500 miles. 421-4790

TRIUMPH 650, 1966. All rebuilt, like new. $650. 595-2680

HONDA 125 1974, must sell, best offer. Must sell, 5 yrs old, 15,000 miles. Best offer. 453-5235

KAWASAKI 1975, 125CC, low miles, clean, windshield, $550. 728-4530

HONDA CB 1974 125, 5 speed, 2,000 miles, best offer, 453-2711

TRIUMPH 1975, 250 cc, Model Q, roadbike, dirt bike, trail bike, good condition. $325. 563-7035

YAMAHA 1976, 750. 2 helmets, excellent condition. $1,600. 464-0255

HONDA 1974 CB 360, $600 or best offer. 455-1565

1975 YAMAHA 250 Enduro. 4,000 miles. Excellent condition. $675. 427-1285

HONDA 1973, 350. CL. Asking $650. Excellent condition. 464-3060

YAMAHA DT 1, low miles, good condition, $350. 427-3840

KAWASAKI 1975 KZ 400. 3,500 miles. Excellent condition. 261-8620

HONDA 1976 CB 360T, like new, low mileage. $1,000. 425-7555

YAMAHA 1975 Enduro 125. Low mileage, excellent condition. 421-8645

BULTACO 1974 Pursang 250, Extras. Excellent condition. 476-1525

1974 KAWASAKI 400, excellent condition, 5,000 miles. $800. 425-8145

HONDA 1972, like new, 4,900 miles. $800. 453-2085

812 Motorcycles, Go-Karts-Mini Bikes

YAMAHA, RD350, 1973. 3,000 miles, excellent condition. $725. 478-3553

MOTORCYCLE trailer, 2 rail, brand new. $250. 261-5906

HONDA 1974, 750, SS. Windjammer fairing, luggage rack, sissy bar, low miles, extras. Excellent condition. 425-3798

SUZUKI, 1976 TS175, Helmet, extra. Driven only 5 hours. $575. 474-9373

DESERT FOX mini dirt bike, 5 HP. $125. 595-1000

YAMAHA, 1975, 125, MX, very good condition. $500. 532-2125

HARLEY Davidson Sportster 1972, 2000 miles. $1,700. 261-9076

TRIUMPH 1976 Bonneville 750, chrome. Saddlebags, power, LAT fairing. Low miles. $1,750 or best offer. 261-0076

HONDA 1973, 450, excellent condition. $800. Call after 6 PM. 522-3566

SUZUKI, 1973, TS125, 3 helmets. Excellent condition. $400. 464-4140

HONDA 50, Kid bike, excellent shape. $150. Call after 5. 421-5780

HONDA 1975 CB 125. 1,200 miles. $475. 421-2700

HARLEY Electra Glide, $2,050, extras, $2,000 or best offer. 474-0855

HONDA 1975 CB 400F Super Sport, 2 helmets, extras. After 5 PM. $1,050. 729-2120

SUZUKI Trail Bike, Good condition, $100. After 5 PM. 427-6520

YAMAHA 1976 DT 400, 1,600 miles. Like new. $1,000. 459-2850

KAWASAKI 1975 900 Z1, excellent condition. $1,850. 261-5170

SPORTSTER 1971, complete overhaul, $1,000. 463-3560

KAWASAKI 1974 KZ 900, with extras. 3,000 miles. $1,800. 559-4260

HONDA 1972 CB 450, Excellent condition, 5,800 miles. $700. 425-3877

TRIUMPH 1971, 650 Bonneville, like new. $950. 453-2225

HONDA 1975 XL 350, excellent condition. $775. 427-4165

KAWASAKI 1975, 125 MX, Ready for racing. 421-0695

YAMAHA 1972 650, 10,000 miles. Best offer. 474-5300

KAWASAKI, 1975 400 Excellent condition. 477-7720

HARLEY DAVIDSON, 1975 Sportster XLCH, Carlini paint. $3,500. 357-3193

814 Campers And Motorhomes

APACHE 1977 Winnebago motorhome. 26 ft., sleeps 6, fully equipped. $16,000. 453-3575

APACHE Roamer, 1974, loaded. $2,400. 427-0390

GMC 1978 motor home for rent. Low rates, long trips, RSVP. 651-0536

APACHE 1969 Mesa, sleeps 6, awning, stove, icebox. 464-0415

GMC Mini Home, 1975, completely self contained, power steering, power brakes, stereo, 454 V8. Low mileage. Asking $10,000. 453-2970

FORD STATE Motor home, 1974, 21 ft, sleeps 6, self-contained, extras. Very roomy. $11,500. 425-5537

APACHE Eagle 4, 1974, sleeps 6. $2,200. 453-1085

DODGE motor home, 1971 24' - sleeps 6, self contained, air, generator, many extras. 481-1040

816 Auto-Truck Parts & Service

MUSTANG 1971 for parts, 302 engine, trans, good body, also 1971 Plymouth for parts. 455-2040

TWO tires, 220x15, 8 ply mud tires $30 for both. 453-3573

TRUCK cap, 8 ft. for 66 - 70 Ford. $60 or best offer. 722-8229

GTO 1968 for parts. Hood, trunk, doors, buckets, radiator, coil springs & air shocks, etc. 522-5773

PONTIAC 1968, 400 engine & transmission. $250. 425-5777

FOUR tires, 1970, 455 engine & transmission. 453-2140

FOUR TIRES, G-78-15 used approx. 4 month $25. After 5. 348-3712

820 Autos Wanted

MECHANIC needs 1968 - 1974, car, truck or van, wrecked, running or junk, free towing. 455-7575

NICE CARS WANTED!!
Don't Sell yours without seeing Tom Hynes at
Hines Park
LINCOLN-MERCURY
453-2424 425-2444
Car For Sale?
WE WILL BUY YOUR CAR. Because we sell so many, we need good used cars of all kinds. We pay CASH and need you now. Phone
Bob Saks
478-0500 Farmington
MANSFIELD
SHARP CARS NEEDED
335-5900
338-9825
WE BUY
USED CARS
ALL MAKES & MODELS ALSO TRUCKS COMPLETE SELECTION OF CLEAN USED CARS
Bill Brown
USED CARS
35000 Plymouth Rd.
Livonia, Michigan
421-7000
821 Junk Cars Wanted
Junk Cars Wanted
FREE PICKUP
739-3333 268-1090
HIGH$$ WANTED
$25 - $50
ON ALL
JUNK CARS
Must Have Title
CITY AUTO RECOVERY
4311 Schoolcraft
453-3411 261-9120
PLYMOUTH
$INSTANT$
$CASH$
FOR
JUNK
& WRECKED
CARS
CALL
E & M
474-4425
822 Trucks For Sale

DODGE SHORTY, 1977. Sportside, pickup, custom paint job, sharp, extras, 4 speed, 5/8 ton. $4,950. 534-2910

DODGE, 1975. 1/2 ton pickup, 4 wheel drive, automatic, power steering, power brakes. Excellent condition. $3,700. 478-0190

DODGE, 1973, 4 wheel drive, 3/4 ton, camper special, 8 ft. bed, Power brakes, automatic, 64,000 miles. $2,500. 421-6895

EL CAMINO, 1972. Silver bullet. Excellent condition. Only one owner. $1,850. 453-3555

FORD F-100 1976. Super Cab, 360 V8, automatic, power steering, power brakes. Excellent condition. $4,500. 721-2500

FORD, 1969, pickup, V8, automatic, needs transmission repair, $350. 729-4860

CHEVY, 1972, 1/2 ton pickup, 8 ft. box, power steering, power brakes, automatic, radio, excellent condition. $1,750. 728-8164

FORD, 1971, Pickup, 8000 Chevy 1/2 ton, Sharp. Blazer 1970 Pickup, $250. Chevy Van, 1962. May trade. 485-3777

FORD 1963, 1/2 ton pickup, runs good. Best offer. 425-1205

O&E
